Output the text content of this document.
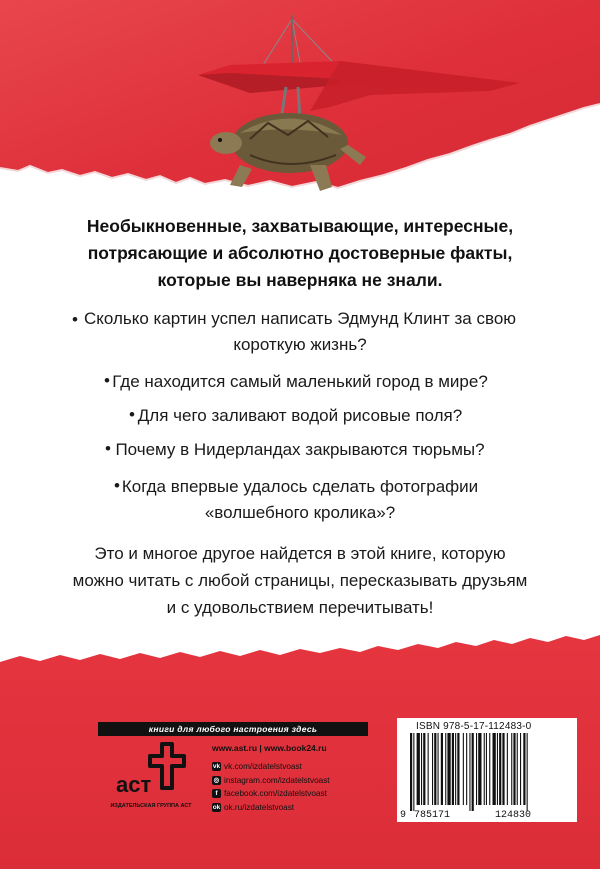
Необыкновенные, захватывающие, интересные,
потрясающие и абсолютно достоверные факты,
которые вы наверняка не знали.
•
•
•
•
•
Сколько картин успел написать Эдмунд Клинт за свою
короткую жизнь?
Где находится самый маленький город в мире?
Для чего заливают водой рисовые поля?
Почему в Нидерландах закрываются тюрьмы?
Когда впервые удалось сделать фотографии
«волшебного кролика»?
Это и многое другое найдется в этой книге, которую
можно читать с любой страницы, пересказывать друзьям
и с удовольствием перечитывать!
книги для любого настроения здесь
аст
ИЗДАТЕЛЬСКАЯ ГРУППА АСТ
www.ast.ru | www.book24.ru
vk vk.com/izdatelstvoast
◎ instagram.com/izdatelstvoast
f facebook.com/izdatelstvoast
ok ok.ru/izdatelstvoast
ISBN 978-5-17-112483-0
9 785171	124830
